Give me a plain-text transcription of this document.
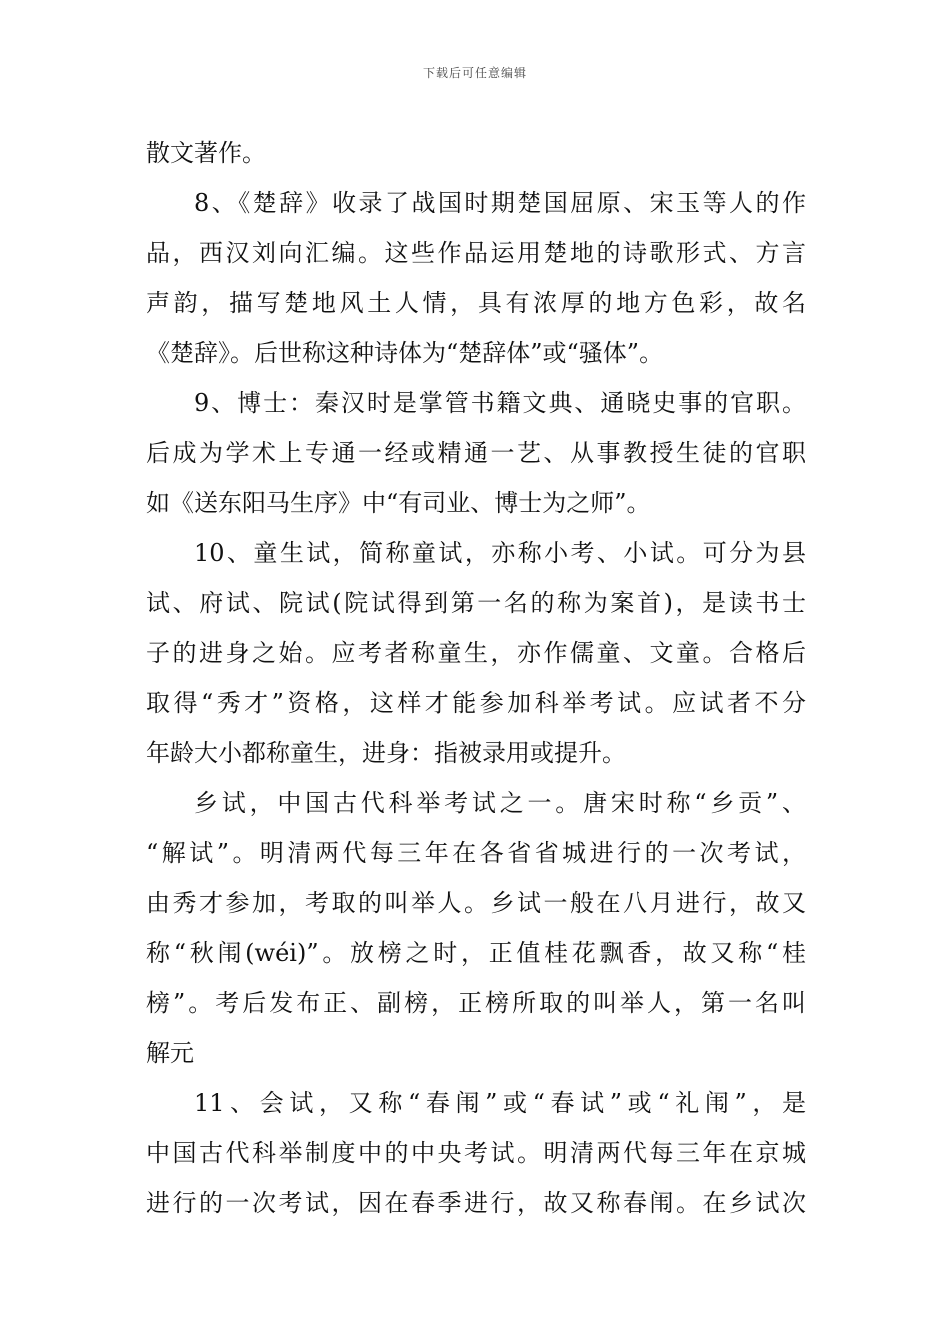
下载后可任意编辑
散文著作。
8、《楚辞》收录了战国时期楚国屈原、宋玉等人的作
品，西汉刘向汇编。这些作品运用楚地的诗歌形式、方言
声韵，描写楚地风土人情，具有浓厚的地方色彩，故名
《楚辞》。后世称这种诗体为“楚辞体”或“骚体”。
9、博士：秦汉时是掌管书籍文典、通晓史事的官职。
后成为学术上专通一经或精通一艺、从事教授生徒的官职
如《送东阳马生序》中“有司业、博士为之师”。
10、童生试，简称童试，亦称小考、小试。可分为县
试、府试、院试(院试得到第一名的称为案首)，是读书士
子的进身之始。应考者称童生，亦作儒童、文童。合格后
取得“秀才”资格，这样才能参加科举考试。应试者不分
年龄大小都称童生，进身：指被录用或提升。
乡试，中国古代科举考试之一。唐宋时称“乡贡”、
“解试”。明清两代每三年在各省省城进行的一次考试，
由秀才参加，考取的叫举人。乡试一般在八月进行，故又
称“秋闱(wéi)”。放榜之时，正值桂花飘香，故又称“桂
榜”。考后发布正、副榜，正榜所取的叫举人，第一名叫
解元
11、会试，又称“春闱”或“春试”或“礼闱”，是
中国古代科举制度中的中央考试。明清两代每三年在京城
进行的一次考试，因在春季进行，故又称春闱。在乡试次
